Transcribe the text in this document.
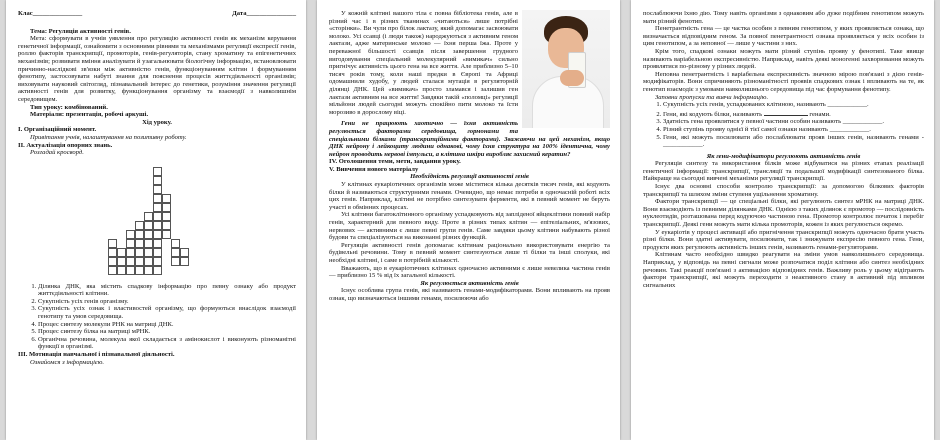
Клас_______________	Дата_______________

Тема: Регуляція активності генів.

Мета: сформувати в учнів уявлення про регуляцію активності генів як механізм керування генетичної інформації, ознайомити з основними рівнями та механізмами регуляції експресії генів, роллю факторів транскрипції, промоторів, генів-регуляторів, стану хроматину та епігенетичних механізмів; розвивати вміння аналізувати й узагальнювати біологічну інформацію, встановлювати причинно-наслідкові зв'язки між активністю генів, функціонуванням клітин і формуванням фенотипу, застосовувати набуті знання для пояснення процесів життєдіяльності організмів; виховувати науковий світогляд, пізнавальний інтерес до генетики, розуміння значення регуляції активності генів для розвитку, функціонування організму та взаємодії з навколишнім середовищем.

Тип уроку: комбінований.

Матеріали: презентація, робочі аркуші.

Хід уроку.

І. Організаційний момент.

Привітання учнів, налаштування на позитивну роботу.

ІІ. Актуалізація опорних знань.

Розгадай кросворд.

1. Ділянка ДНК, яка містить спадкову інформацію про певну ознаку або продукт життєдіяльності клітини.
2. Сукупність усіх генів організму.
3. Сукупність усіх ознак і властивостей організму, що формуються внаслідок взаємодії генотипу та умов середовища.
4. Процес синтезу молекули РНК на матриці ДНК.
5. Процес синтезу білка на матриці мРНК.
6. Органічна речовина, молекула якої складається з амінокислот і виконують різноманітні функції в організмі.

ІІІ. Мотивація навчальної і пізнавальної діяльності.

Ознайомся з інформацією.

У кожній клітині вашого тіла є повна бібліотека генів, але в різний час і в різних тканинах «читаються» лише потрібні «сторінки». Ви чули про білок лактазу, який допомагає засвоювати молоко. Усі ссавці (і люди також) народжуються з активним геном лактази, адже материнське молоко — їхня перша їжа. Проте у переважної більшості ссавців після завершення грудного вигодовування спеціальний молекулярний «вимикач» сильно пригнічує активність цього гена на все життя. Але приблизно 5–10 тисяч років тому, коли наші предки в Європі та Африці одомашнили худобу, у людей сталася мутація в регуляторній ділянці ДНК. Цей «вимикач» просто зламався і залишив ген лактази активним на все життя! Завдяки такій «поломці» регуляції мільйони людей сьогодні можуть спокійно пити молоко та їсти морозиво в дорослому віці.

Гени не працюють хаотично — їхня активність регулюється факторами середовища, гормонами та спеціальними білками (транскрипційними факторами). Зважаючи на цей механізм, якщо ДНК нейрону і лейкоциту людини однакові, чому їхня структура на 100% ідентична, чому нейрон проводить нервові імпульси, а клітина шкіри виробляє захисний кератин?

ІV. Оголошення теми, мети, завдання уроку.

V. Вивчення нового матеріалу

Необхідність регуляції активності генів

У клітинах еукаріотичних організмів може міститися кілька десятків тисяч генів, які кодують білки й називаються структурними генами. Очевидно, що немає потреби в одночасній роботі всіх цих генів. Наприклад, клітині не потрібно синтезувати ферменти, які в певний момент не беруть участі в обмінних процесах.

Усі клітини багатоклітинного організму успадковують від запліденої яйцеклітини повний набір генів, характерний для певного виду. Проте в різних типах клітин — епітеліальних, м'язових, нервових — активними є лише певні групи генів. Саме завдяки цьому клітини набувають різної будови та спеціалізуються на виконанні різних функцій.

Регуляція активності генів допомагає клітинам раціонально використовувати енергію та будівельні речовини. Тому в певний момент синтезуються лише ті білки та інші сполуки, які необхідні клітині, і саме в потрібній кількості.

Вважають, що в еукаріотичних клітинах одночасно активними є лише невелика частина генів — приблизно 15 % від їх загальної кількості.

Як регулюється активність генів

Існує особлива група генів, які називають генами-модифікаторами. Вони впливають на прояв ознак, що визначаються іншими генами, посилюючи або

послаблюючи їхню дію. Тому навіть організми з однаковим або дуже подібним генотипом можуть мати різний фенотип.

Пенетрантність гена — це частка особин з певним генотипом, у яких проявляється ознака, що визначається відповідним геном. За повної пенетрантності ознака проявляється у всіх особин із цим генотипом, а за неповної — лише у частини з них.

Крім того, спадкові ознаки можуть мати різний ступінь прояву у фенотипі. Таке явище називають варіабельною експресивністю. Наприклад, навіть деякі моногенні захворювання можуть проявлятися по-різному у різних людей.

Неповна пенетрантність і варіабельна експресивність значною мірою пов'язані з дією генів-модифікаторів. Вони спричиняють різноманітності проявів спадкових ознак і впливають на те, як генотип взаємодіє з умовами навколишнього середовища під час формування фенотипу.

Заповни пропуски та вивчи інформацію.

1. Сукупність усіх генів, успадкованих клітиною, називають ____________.
2. Гени, які кодують білки, називають	генами.
3. Здатність гена проявлятися у певної частини особин називають ____________.
4. Різний ступінь прояву однієї й тієї самої ознаки називають ____________.
5. Гени, які можуть посилювати або послаблювати прояв інших генів, називають генами - ____________.

Як гени-модифікатори регулюють активність генів

Регуляція синтезу та використання білків може відбуватися на різних етапах реалізації генетичної інформації: транскрипції, трансляції та подальшої модифікації синтезованого білка. Найкраще на сьогодні вивчені механізми регуляції транскрипції.

Існує два основні способи контролю транскрипції: за допомогою білкових факторів транскрипції та шляхом зміни ступеня ущільнення хроматину.

Фактори транскрипції — це спеціальні білки, які регулюють синтез мРНК на матриці ДНК. Вони взаємодіють із певними ділянками ДНК. Однією з таких ділянок є промотор — послідовність нуклеотидів, розташована перед кодуючою частиною гена. Промотор контролює початок і перебіг транскрипції. Деякі гени можуть мати кілька промоторів, кожен із яких регулюється окремо.

У еукаріотів у процесі активації або пригнічення транскрипції можуть одночасно брати участь різні білки. Вони здатні активувати, посилювати, так і знижувати експресію певного гена. Гени, продукти яких регулюють активність інших генів, називають генами-регуляторами.

Клітинам часто необхідно швидко реагувати на зміни умов навколишнього середовища. Наприклад, у відповідь на певні сигнали може розпочатися поділ клітини або синтез необхідних речовин. Такі реакції пов'язані з активацією відповідних генів. Важливу роль у цьому відіграють фактори транскрипції, які можуть переходити з неактивного стану в активний під впливом сигнальних
